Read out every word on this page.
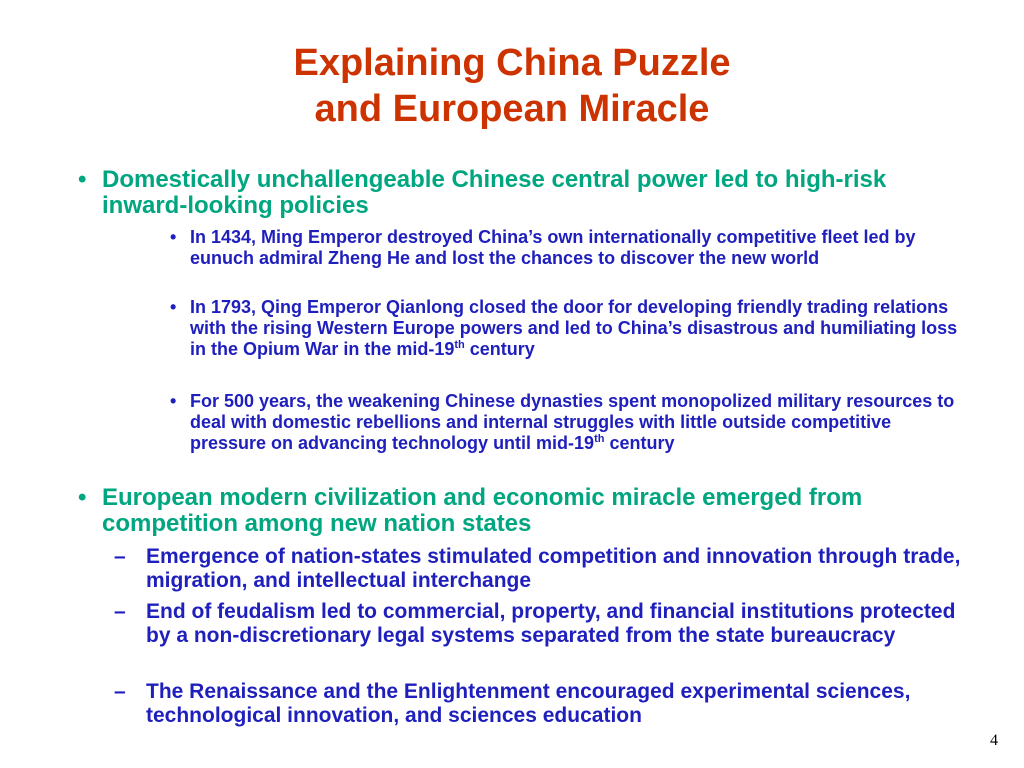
Explaining China Puzzle
and European Miracle
• Domestically unchallengeable Chinese central power led to high-risk inward-looking policies
• In 1434, Ming Emperor destroyed China’s own internationally competitive fleet led by eunuch admiral Zheng He and lost the chances to discover the new world
• In 1793, Qing Emperor Qianlong closed the door for developing friendly trading relations with the rising Western Europe powers and led to China’s disastrous and humiliating loss in the Opium War in the mid-19th century
• For 500 years, the weakening Chinese dynasties spent monopolized military resources to deal with domestic rebellions and internal struggles with little outside competitive pressure on advancing technology until mid-19th century
• European modern civilization and economic miracle emerged from competition among new nation states
– Emergence of nation-states stimulated competition and innovation through trade, migration, and intellectual interchange
– End of feudalism led to commercial, property, and financial institutions protected by a non-discretionary legal systems separated from the state bureaucracy
– The Renaissance and the Enlightenment encouraged experimental sciences, technological innovation, and sciences education
4
